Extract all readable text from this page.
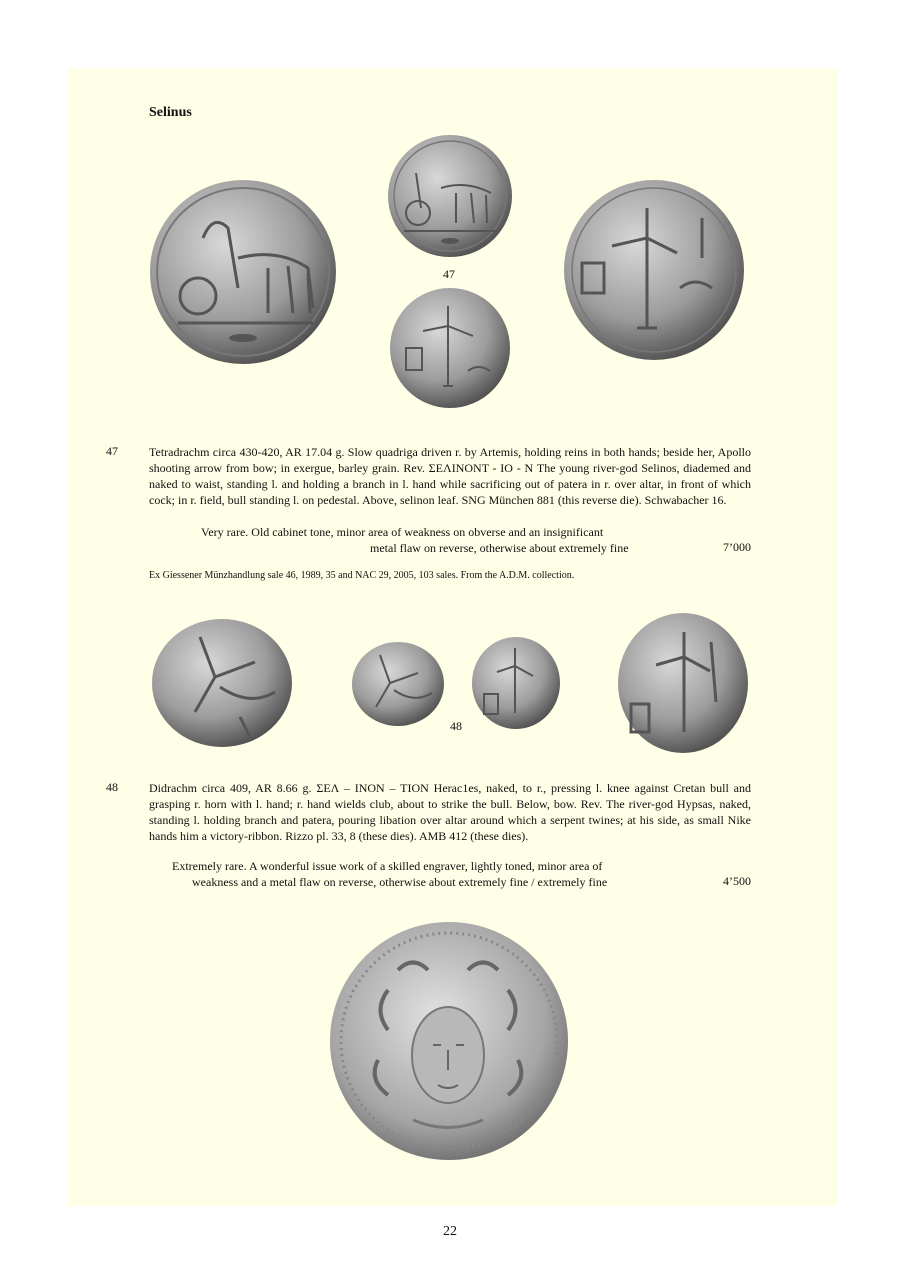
Selinus
47
47	Tetradrachm circa 430-420, AR 17.04 g. Slow quadriga driven r. by Artemis, holding reins in both hands; beside her, Apollo shooting arrow from bow; in exergue, barley grain. Rev. ΣΕΛΙΝΟΝΤ - ΙΟ - Ν The young river-god Selinos, diademed and naked to waist, standing l. and holding a branch in l. hand while sacrificing out of patera in r. over altar, in front of which cock; in r. field, bull standing l. on pedestal. Above, selinon leaf. SNG München 881 (this reverse die). Schwabacher 16.
Very rare. Old cabinet tone, minor area of weakness on obverse and an insignificant
metal flaw on reverse, otherwise about extremely fine	7’000
Ex Giessener Münzhandlung sale 46, 1989, 35 and NAC 29, 2005, 103 sales. From the A.D.M. collection.
48
48	Didrachm circa 409, AR 8.66 g. ΣΕΛ – ΙΝΟΝ – ΤΙΟΝ Herac1es, naked, to r., pressing l. knee against Cretan bull and grasping r. horn with l. hand; r. hand wields club, about to strike the bull. Below, bow. Rev. The river-god Hypsas, naked, standing l. holding branch and patera, pouring libation over altar around which a serpent twines; at his side, as small Nike hands him a victory-ribbon. Rizzo pl. 33, 8 (these dies). AMB 412 (these dies).
Extremely rare. A wonderful issue work of a skilled engraver, lightly toned, minor area of
weakness and a metal flaw on reverse, otherwise about extremely fine / extremely fine	4’500
22
